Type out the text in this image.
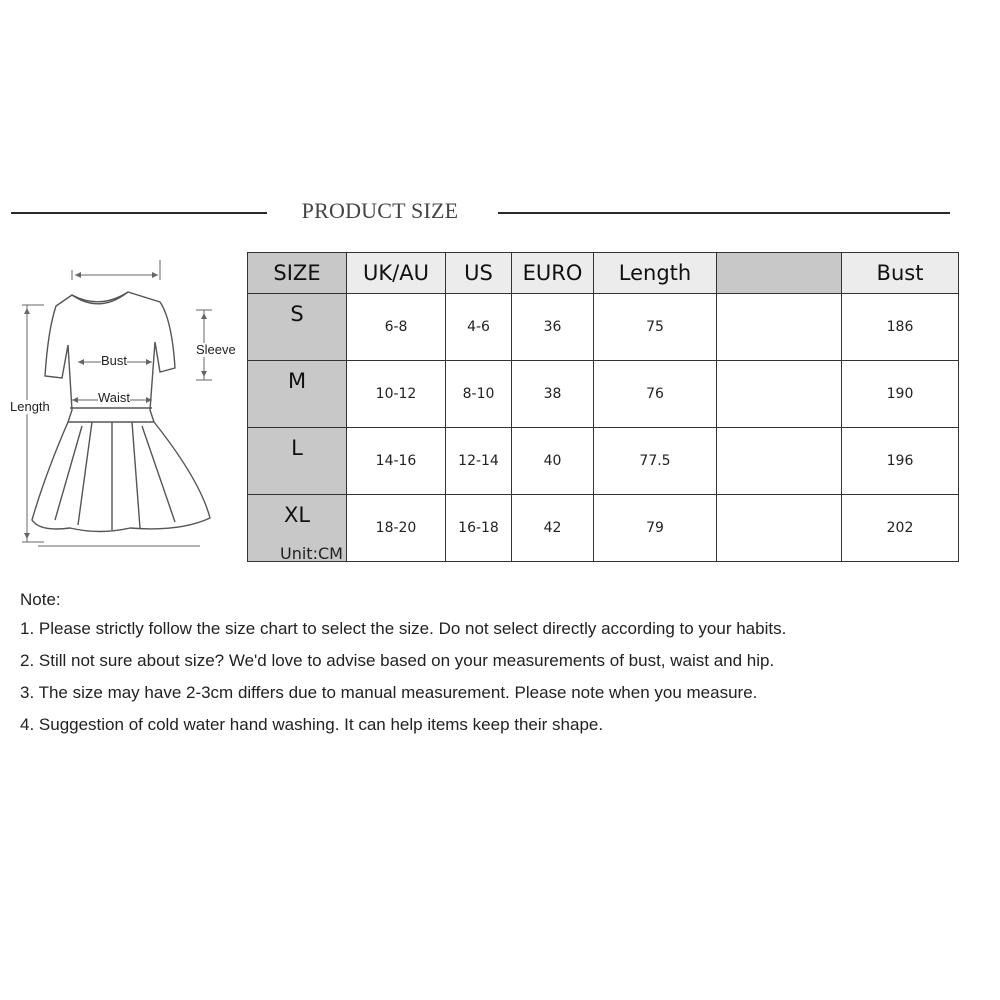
PRODUCT SIZE
Bust
Waist
Sleeve
Length
SIZE	UK/AU	US	EURO	Length		Bust
S	6-8	4-6	36	75		186
M	10-12	8-10	38	76		190
L	14-16	12-14	40	77.5		196
XL	18-20	16-18	42	79		202
Unit:CM
Note:
1. Please strictly follow the size chart to select the size. Do not select directly according to your habits.
2. Still not sure about size? We'd love to advise based on your measurements of bust, waist and hip.
3. The size may have 2-3cm differs due to manual measurement. Please note when you measure.
4. Suggestion of cold water hand washing. It can help items keep their shape.
